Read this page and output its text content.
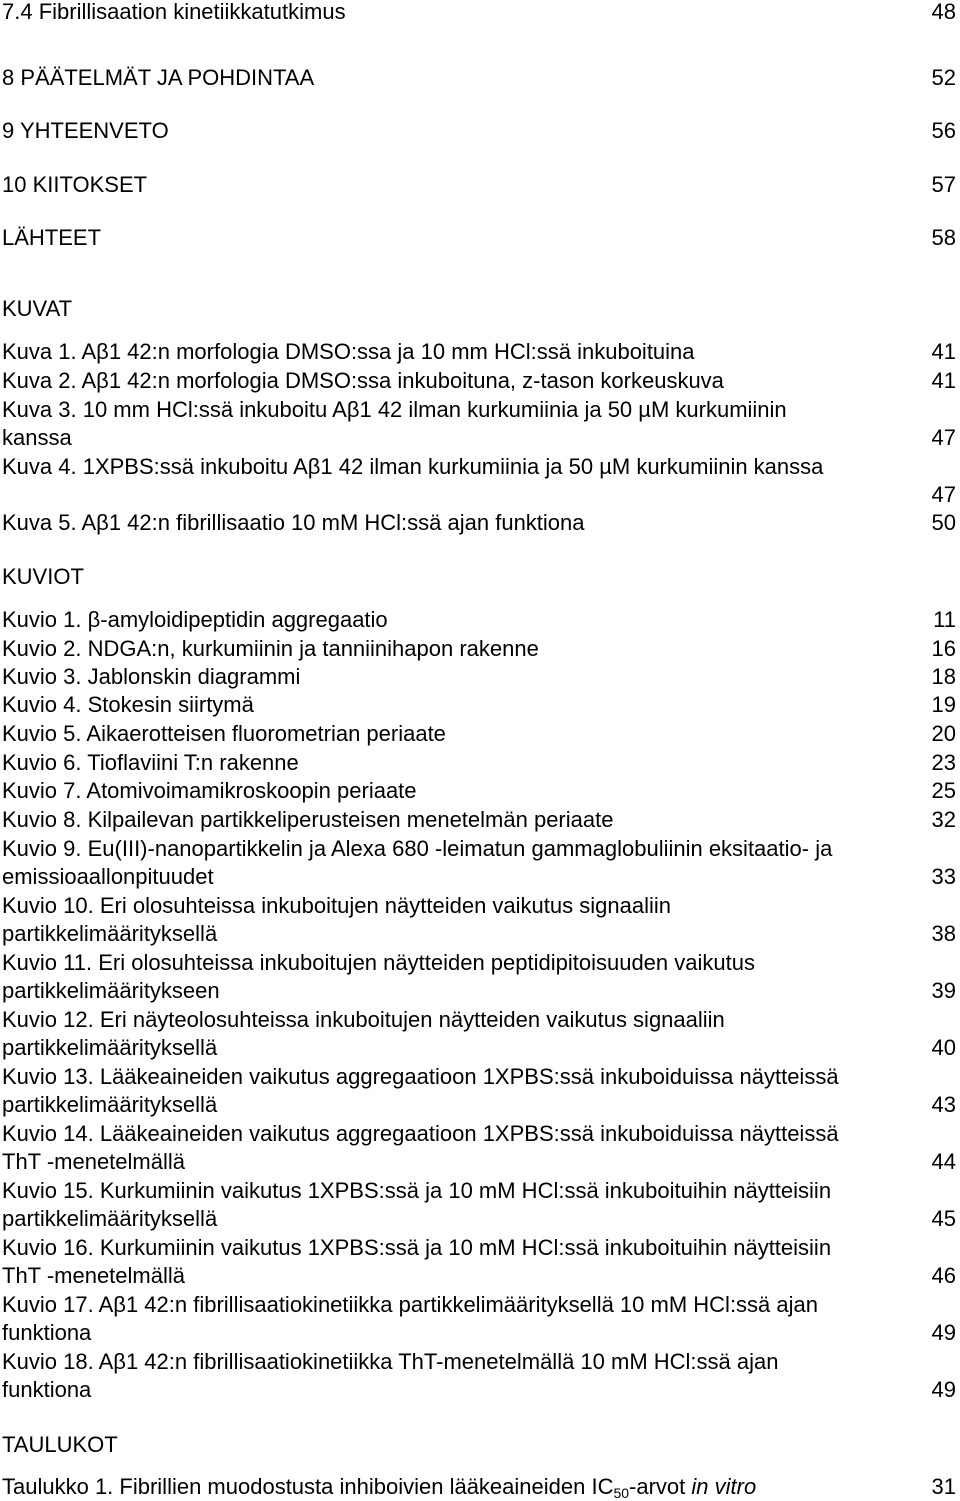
7.4 Fibrillisaation kinetiikkatutkimus	48
8 PÄÄTELMÄT JA POHDINTAA	52
9 YHTEENVETO	56
10 KIITOKSET	57
LÄHTEET	58
KUVAT
Kuva 1. Aβ1 42:n morfologia DMSO:ssa ja 10 mm HCl:ssä inkuboituina	41
Kuva 2. Aβ1 42:n morfologia DMSO:ssa inkuboituna, z-tason korkeuskuva	41
Kuva 3. 10 mm HCl:ssä inkuboitu Aβ1 42 ilman kurkumiinia ja 50 µM kurkumiinin
kanssa	47
Kuva 4. 1XPBS:ssä inkuboitu Aβ1 42 ilman kurkumiinia ja 50 µM kurkumiinin kanssa
47
Kuva 5. Aβ1 42:n fibrillisaatio 10 mM HCl:ssä ajan funktiona	50
KUVIOT
Kuvio 1. β-amyloidipeptidin aggregaatio	11
Kuvio 2. NDGA:n, kurkumiinin ja tanniinihapon rakenne	16
Kuvio 3. Jablonskin diagrammi	18
Kuvio 4. Stokesin siirtymä	19
Kuvio 5. Aikaerotteisen fluorometrian periaate	20
Kuvio 6. Tioflaviini T:n rakenne	23
Kuvio 7. Atomivoimamikroskoopin periaate	25
Kuvio 8. Kilpailevan partikkeliperusteisen menetelmän periaate	32
Kuvio 9. Eu(III)-nanopartikkelin ja Alexa 680 -leimatun gammaglobuliinin eksitaatio- ja
emissioaallonpituudet	33
Kuvio 10. Eri olosuhteissa inkuboitujen näytteiden vaikutus signaaliin
partikkelimäärityksellä	38
Kuvio 11. Eri olosuhteissa inkuboitujen näytteiden peptidipitoisuuden vaikutus
partikkelimääritykseen	39
Kuvio 12. Eri näyteolosuhteissa inkuboitujen näytteiden vaikutus signaaliin
partikkelimäärityksellä	40
Kuvio 13. Lääkeaineiden vaikutus aggregaatioon 1XPBS:ssä inkuboiduissa näytteissä
partikkelimäärityksellä	43
Kuvio 14. Lääkeaineiden vaikutus aggregaatioon 1XPBS:ssä inkuboiduissa näytteissä
ThT -menetelmällä	44
Kuvio 15. Kurkumiinin vaikutus 1XPBS:ssä ja 10 mM HCl:ssä inkuboituihin näytteisiin
partikkelimäärityksellä	45
Kuvio 16. Kurkumiinin vaikutus 1XPBS:ssä ja 10 mM HCl:ssä inkuboituihin näytteisiin
ThT -menetelmällä	46
Kuvio 17. Aβ1 42:n fibrillisaatiokinetiikka partikkelimäärityksellä 10 mM HCl:ssä ajan
funktiona	49
Kuvio 18. Aβ1 42:n fibrillisaatiokinetiikka ThT-menetelmällä 10 mM HCl:ssä ajan
funktiona	49
TAULUKOT
Taulukko 1. Fibrillien muodostusta inhiboivien lääkeaineiden $IC_{50}$-arvot in vitro	31
